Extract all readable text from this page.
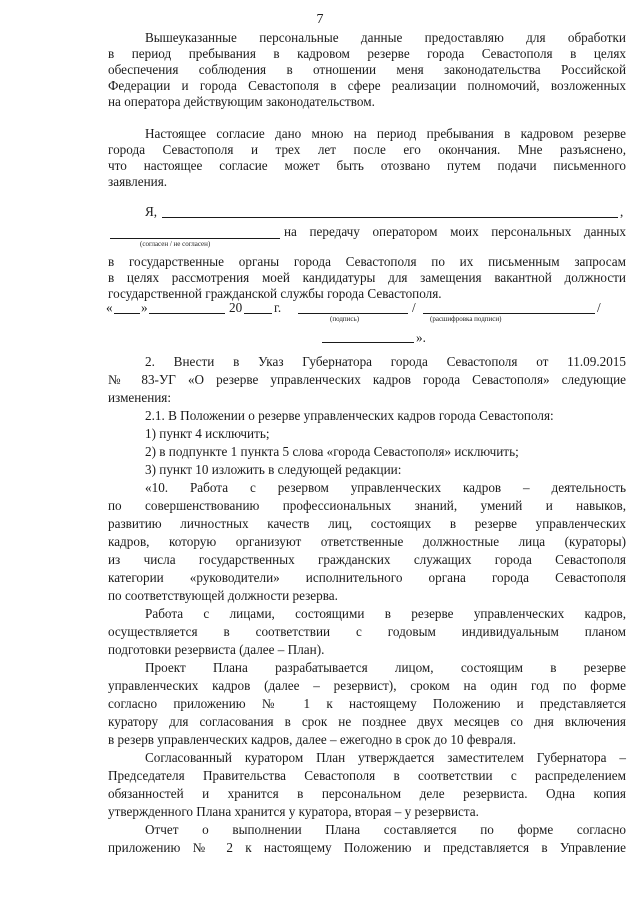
7
Вышеуказанные персональные данные предоставляю для обработки
в период пребывания в кадровом резерве города Севастополя в целях
обеспечения соблюдения в отношении меня законодательства Российской
Федерации и города Севастополя в сфере реализации полномочий, возложенных
на оператора действующим законодательством.
Настоящее согласие дано мною на период пребывания в кадровом резерве
города Севастополя и трех лет после его окончания. Мне разъяснено,
что настоящее согласие может быть отозвано путем подачи письменного
заявления.
Я,	,
на передачу оператором моих персональных данных
(согласен / не согласен)
в государственные органы города Севастополя по их письменным запросам
в целях рассмотрения моей кандидатуры для замещения вакантной должности
государственной гражданской службы города Севастополя.
« »	20 г.
(подпись)
/
(расшифровка подписи)
/
».
2. Внести в Указ Губернатора города Севастополя от 11.09.2015
№ 83-УГ «О резерве управленческих кадров города Севастополя» следующие
изменения:
2.1. В Положении о резерве управленческих кадров города Севастополя:
1) пункт 4 исключить;
2) в подпункте 1 пункта 5 слова «города Севастополя» исключить;
3) пункт 10 изложить в следующей редакции:
«10. Работа с резервом управленческих кадров – деятельность
по совершенствованию профессиональных знаний, умений и навыков,
развитию личностных качеств лиц, состоящих в резерве управленческих
кадров, которую организуют ответственные должностные лица (кураторы)
из числа государственных гражданских служащих города Севастополя
категории «руководители» исполнительного органа города Севастополя
по соответствующей должности резерва.
Работа с лицами, состоящими в резерве управленческих кадров,
осуществляется в соответствии с годовым индивидуальным планом
подготовки резервиста (далее – План).
Проект Плана разрабатывается лицом, состоящим в резерве
управленческих кадров (далее – резервист), сроком на один год по форме
согласно приложению № 1 к настоящему Положению и представляется
куратору для согласования в срок не позднее двух месяцев со дня включения
в резерв управленческих кадров, далее – ежегодно в срок до 10 февраля.
Согласованный куратором План утверждается заместителем Губернатора –
Председателя Правительства Севастополя в соответствии с распределением
обязанностей и хранится в персональном деле резервиста. Одна копия
утвержденного Плана хранится у куратора, вторая – у резервиста.
Отчет о выполнении Плана составляется по форме согласно
приложению № 2 к настоящему Положению и представляется в Управление
